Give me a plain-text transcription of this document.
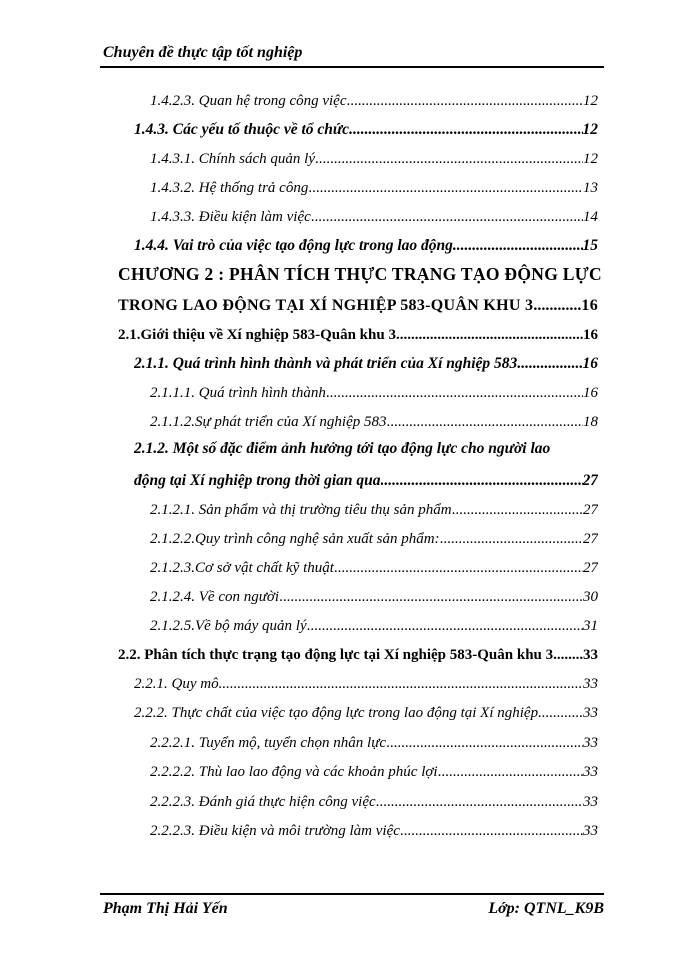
Chuyên đề thực tập tốt nghiệp
1.4.2.3. Quan hệ trong công việc .....	12
1.4.3. Các yếu tố thuộc về tổ chức .....	12
1.4.3.1. Chính sách quản lý .....	12
1.4.3.2. Hệ thống trả công .....	13
1.4.3.3. Điều kiện làm việc .....	14
1.4.4. Vai trò của việc tạo động lực trong lao động .....	15
CHƯƠNG 2 : PHÂN TÍCH THỰC TRẠNG TẠO ĐỘNG LỰC
TRONG LAO ĐỘNG TẠI XÍ NGHIỆP 583-QUÂN KHU 3 .....	16
2.1.Giới thiệu về Xí nghiệp 583-Quân khu 3 .....	16
2.1.1. Quá trình hình thành và phát triển của Xí nghiệp 583 .....	16
2.1.1.1. Quá trình hình thành .....	16
2.1.1.2.Sự phát triển của Xí nghiệp 583 .....	18
2.1.2. Một số đặc điểm ảnh hưởng tới tạo động lực cho người lao
động tại Xí nghiệp trong thời gian qua .....	27
2.1.2.1. Sản phẩm và thị trường tiêu thụ sản phẩm .....	27
2.1.2.2.Quy trình công nghệ sản xuất sản phẩm: .....	27
2.1.2.3.Cơ sở vật chất kỹ thuật .....	27
2.1.2.4. Về con người .....	30
2.1.2.5.Về bộ máy quản lý .....	31
2.2. Phân tích thực trạng tạo động lực tại Xí nghiệp 583-Quân khu 3 ..... 33
2.2.1. Quy mô .....	33
2.2.2. Thực chất của việc tạo động lực trong lao động tại Xí nghiệp .....	33
2.2.2.1. Tuyển mộ, tuyển chọn nhân lực .....	33
2.2.2.2. Thù lao lao động và các khoản phúc lợi .....	33
2.2.2.3. Đánh giá thực hiện công việc .....	33
2.2.2.3. Điều kiện và môi trường làm việc .....	33
Phạm Thị Hải Yến	Lớp: QTNL_K9B
